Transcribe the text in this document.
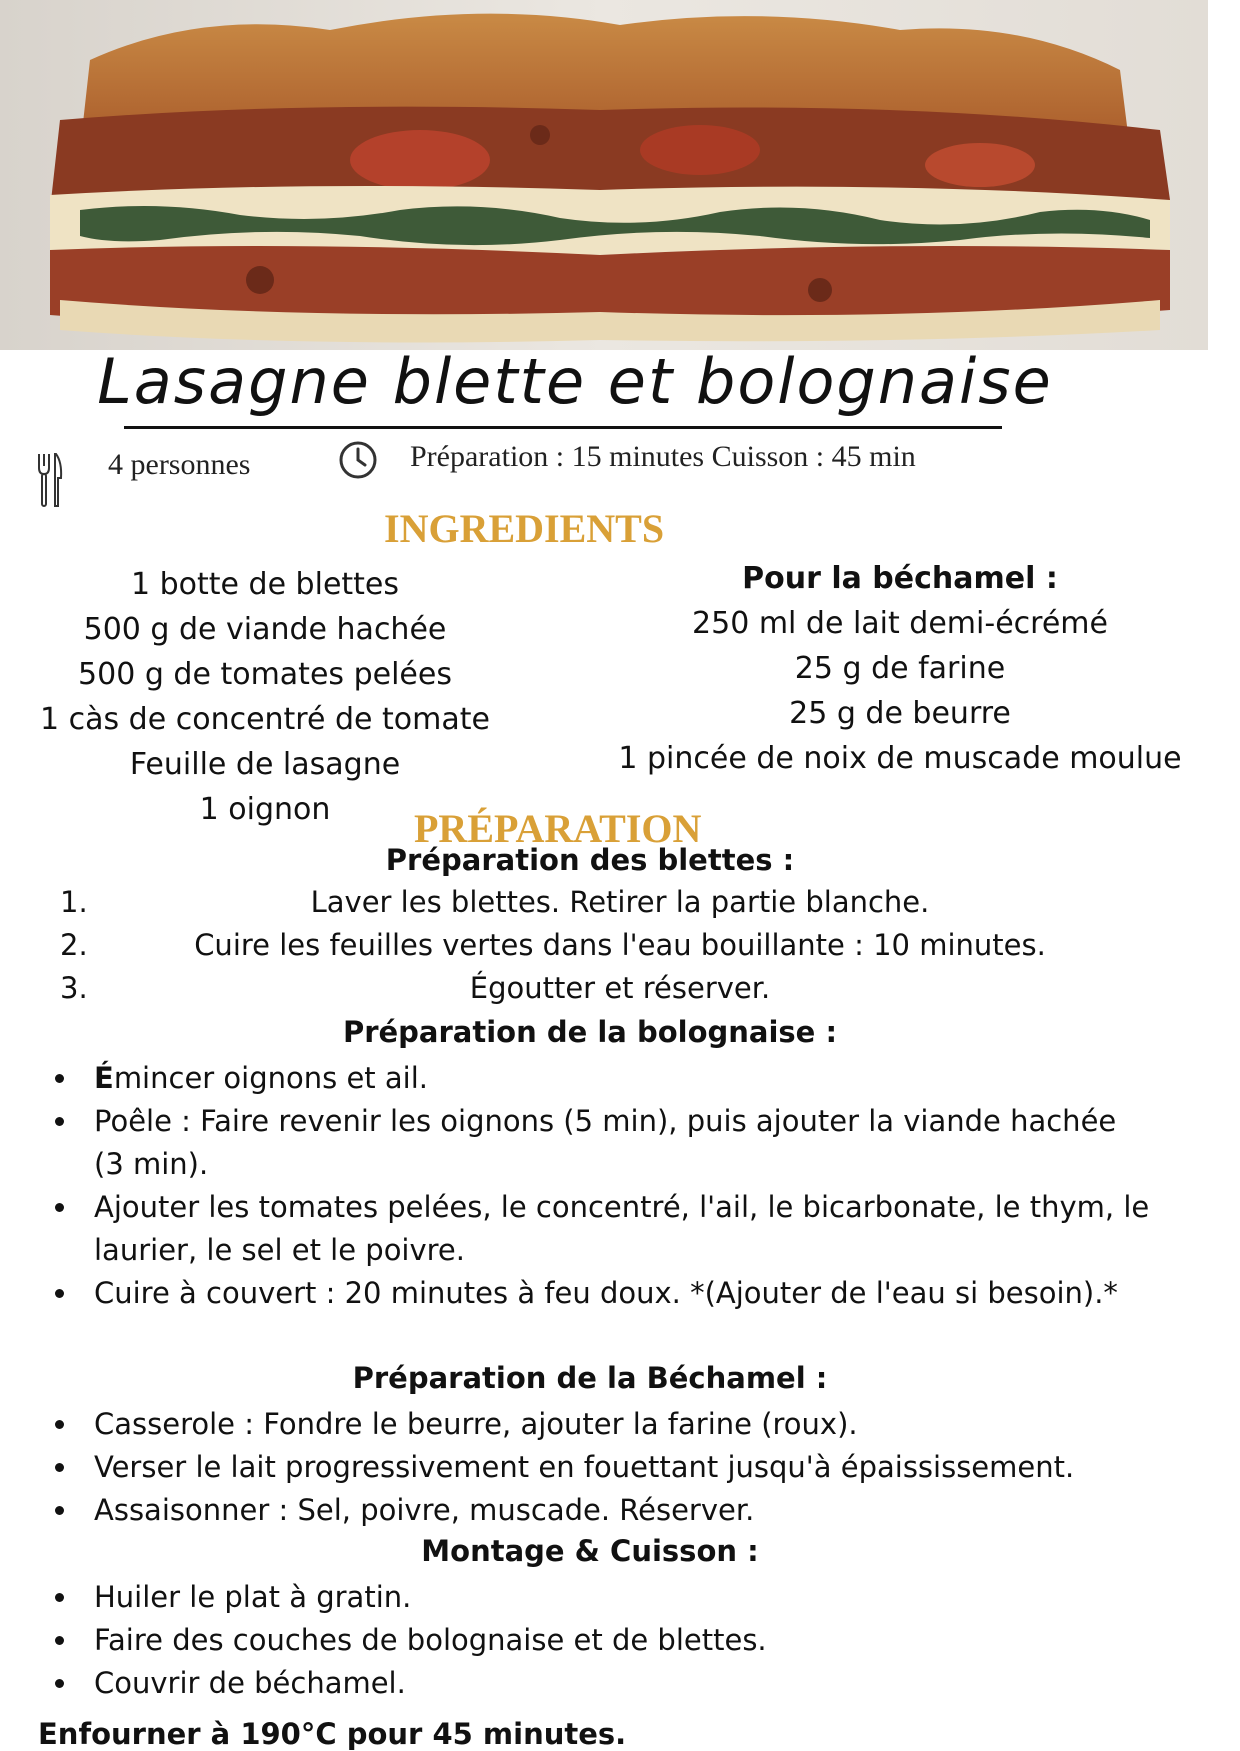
Lasagne blette et bolognaise
4 personnes	Préparation : 15 minutes Cuisson : 45 min
INGREDIENTS
1 botte de blettes
500 g de viande hachée
500 g de tomates pelées
1 càs de concentré de tomate
Feuille de lasagne
1 oignon
Pour la béchamel :
250 ml de lait demi-écrémé
25 g de farine
25 g de beurre
1 pincée de noix de muscade moulue
PRÉPARATION
Préparation des blettes :
1.	Laver les blettes. Retirer la partie blanche.
2.	Cuire les feuilles vertes dans l'eau bouillante : 10 minutes.
3.	Égoutter et réserver.
Préparation de la bolognaise :
Émincer oignons et ail.
Poêle : Faire revenir les oignons (5 min), puis ajouter la viande hachée (3 min).
Ajouter les tomates pelées, le concentré, l'ail, le bicarbonate, le thym, le laurier, le sel et le poivre.
Cuire à couvert : 20 minutes à feu doux. *(Ajouter de l'eau si besoin).*
Préparation de la Béchamel :
Casserole : Fondre le beurre, ajouter la farine (roux).
Verser le lait progressivement en fouettant jusqu'à épaississement.
Assaisonner : Sel, poivre, muscade. Réserver.
Montage & Cuisson :
Huiler le plat à gratin.
Faire des couches de bolognaise et de blettes.
Couvrir de béchamel.
Enfourner à 190°C pour 45 minutes.
